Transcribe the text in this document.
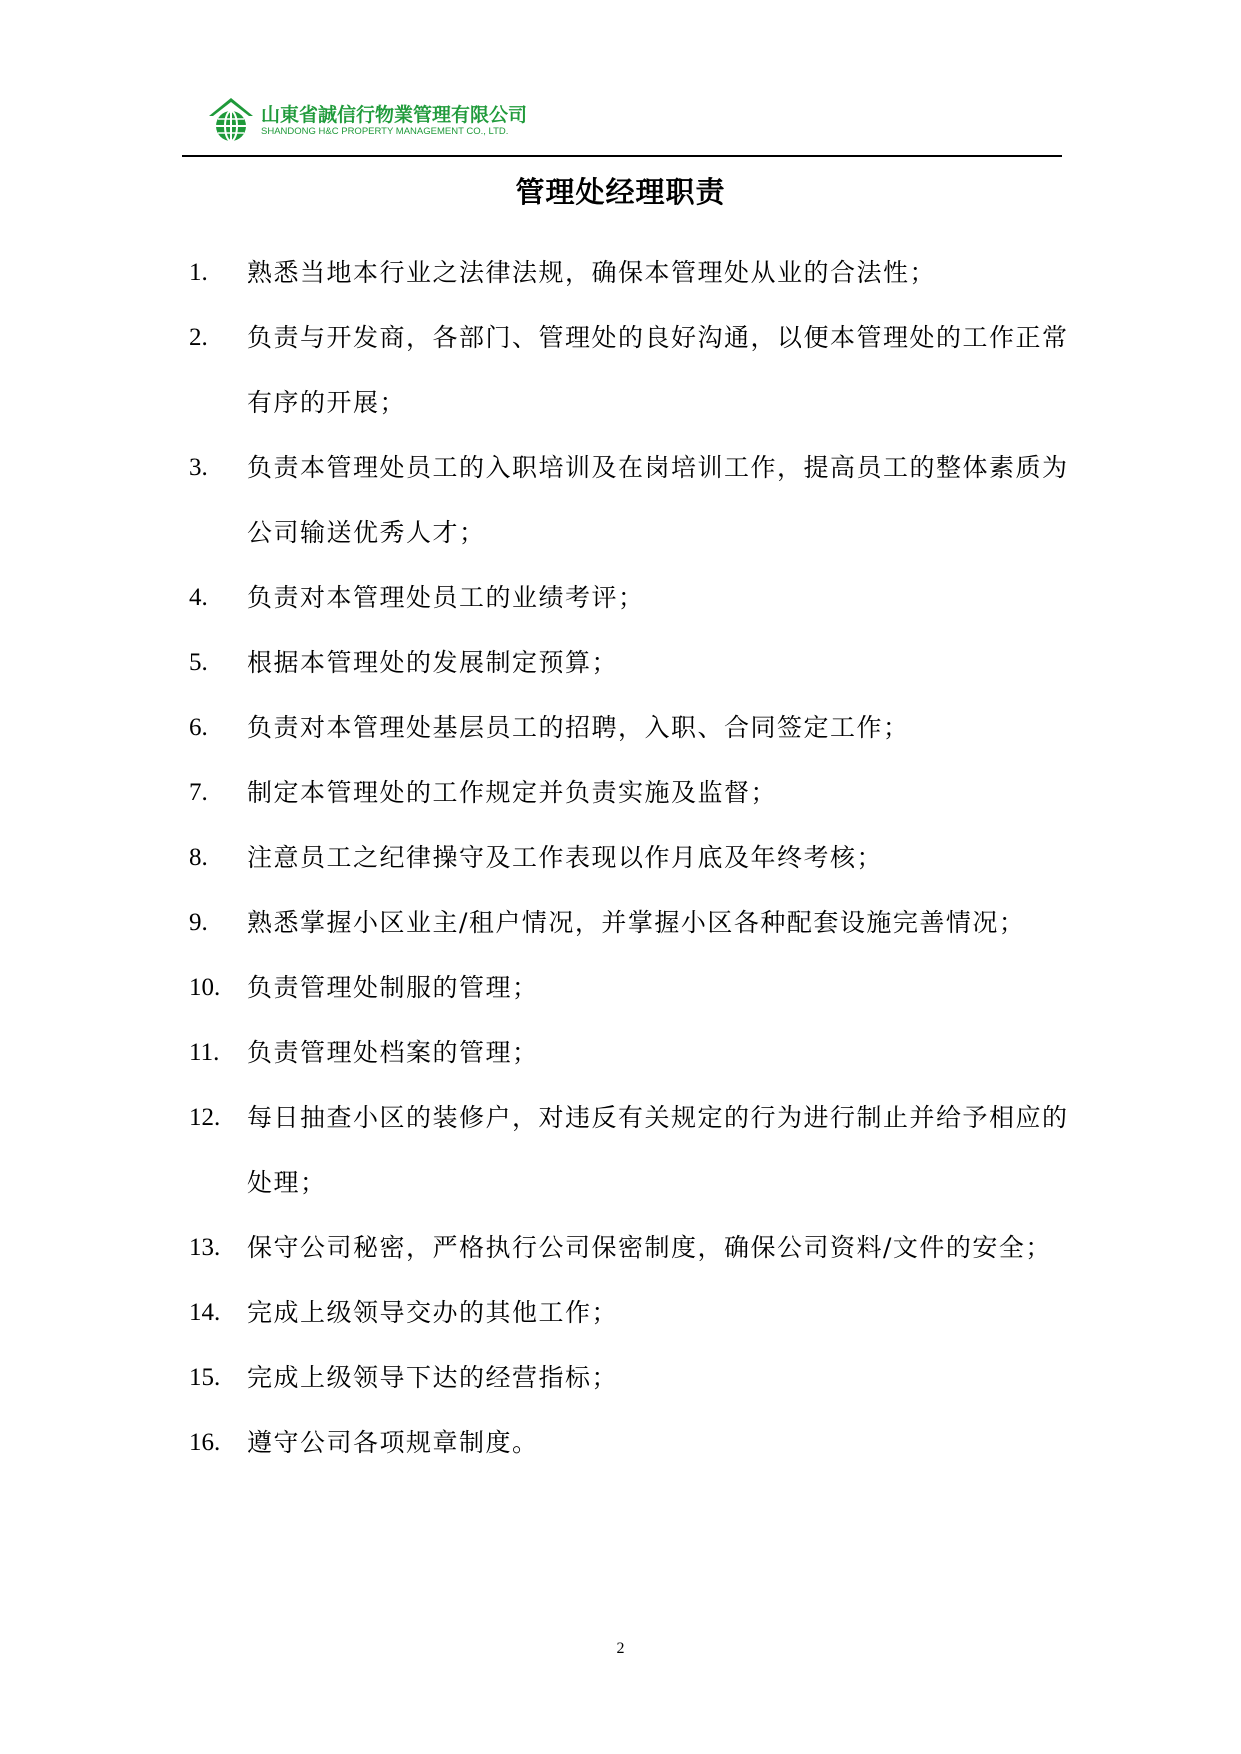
山東省誠信行物業管理有限公司
SHANDONG H&C PROPERTY MANAGEMENT CO., LTD.
管理处经理职责
1.	熟悉当地本行业之法律法规，确保本管理处从业的合法性；
2.	负责与开发商，各部门、管理处的良好沟通，以便本管理处的工作正常有序的开展；
3.	负责本管理处员工的入职培训及在岗培训工作，提高员工的整体素质为公司输送优秀人才；
4.	负责对本管理处员工的业绩考评；
5.	根据本管理处的发展制定预算；
6.	负责对本管理处基层员工的招聘，入职、合同签定工作；
7.	制定本管理处的工作规定并负责实施及监督；
8.	注意员工之纪律操守及工作表现以作月底及年终考核；
9.	熟悉掌握小区业主/租户情况，并掌握小区各种配套设施完善情况；
10.	负责管理处制服的管理；
11.	负责管理处档案的管理；
12.	每日抽查小区的装修户，对违反有关规定的行为进行制止并给予相应的处理；
13.	保守公司秘密，严格执行公司保密制度，确保公司资料/文件的安全；
14.	完成上级领导交办的其他工作；
15.	完成上级领导下达的经营指标；
16.	遵守公司各项规章制度。
2
